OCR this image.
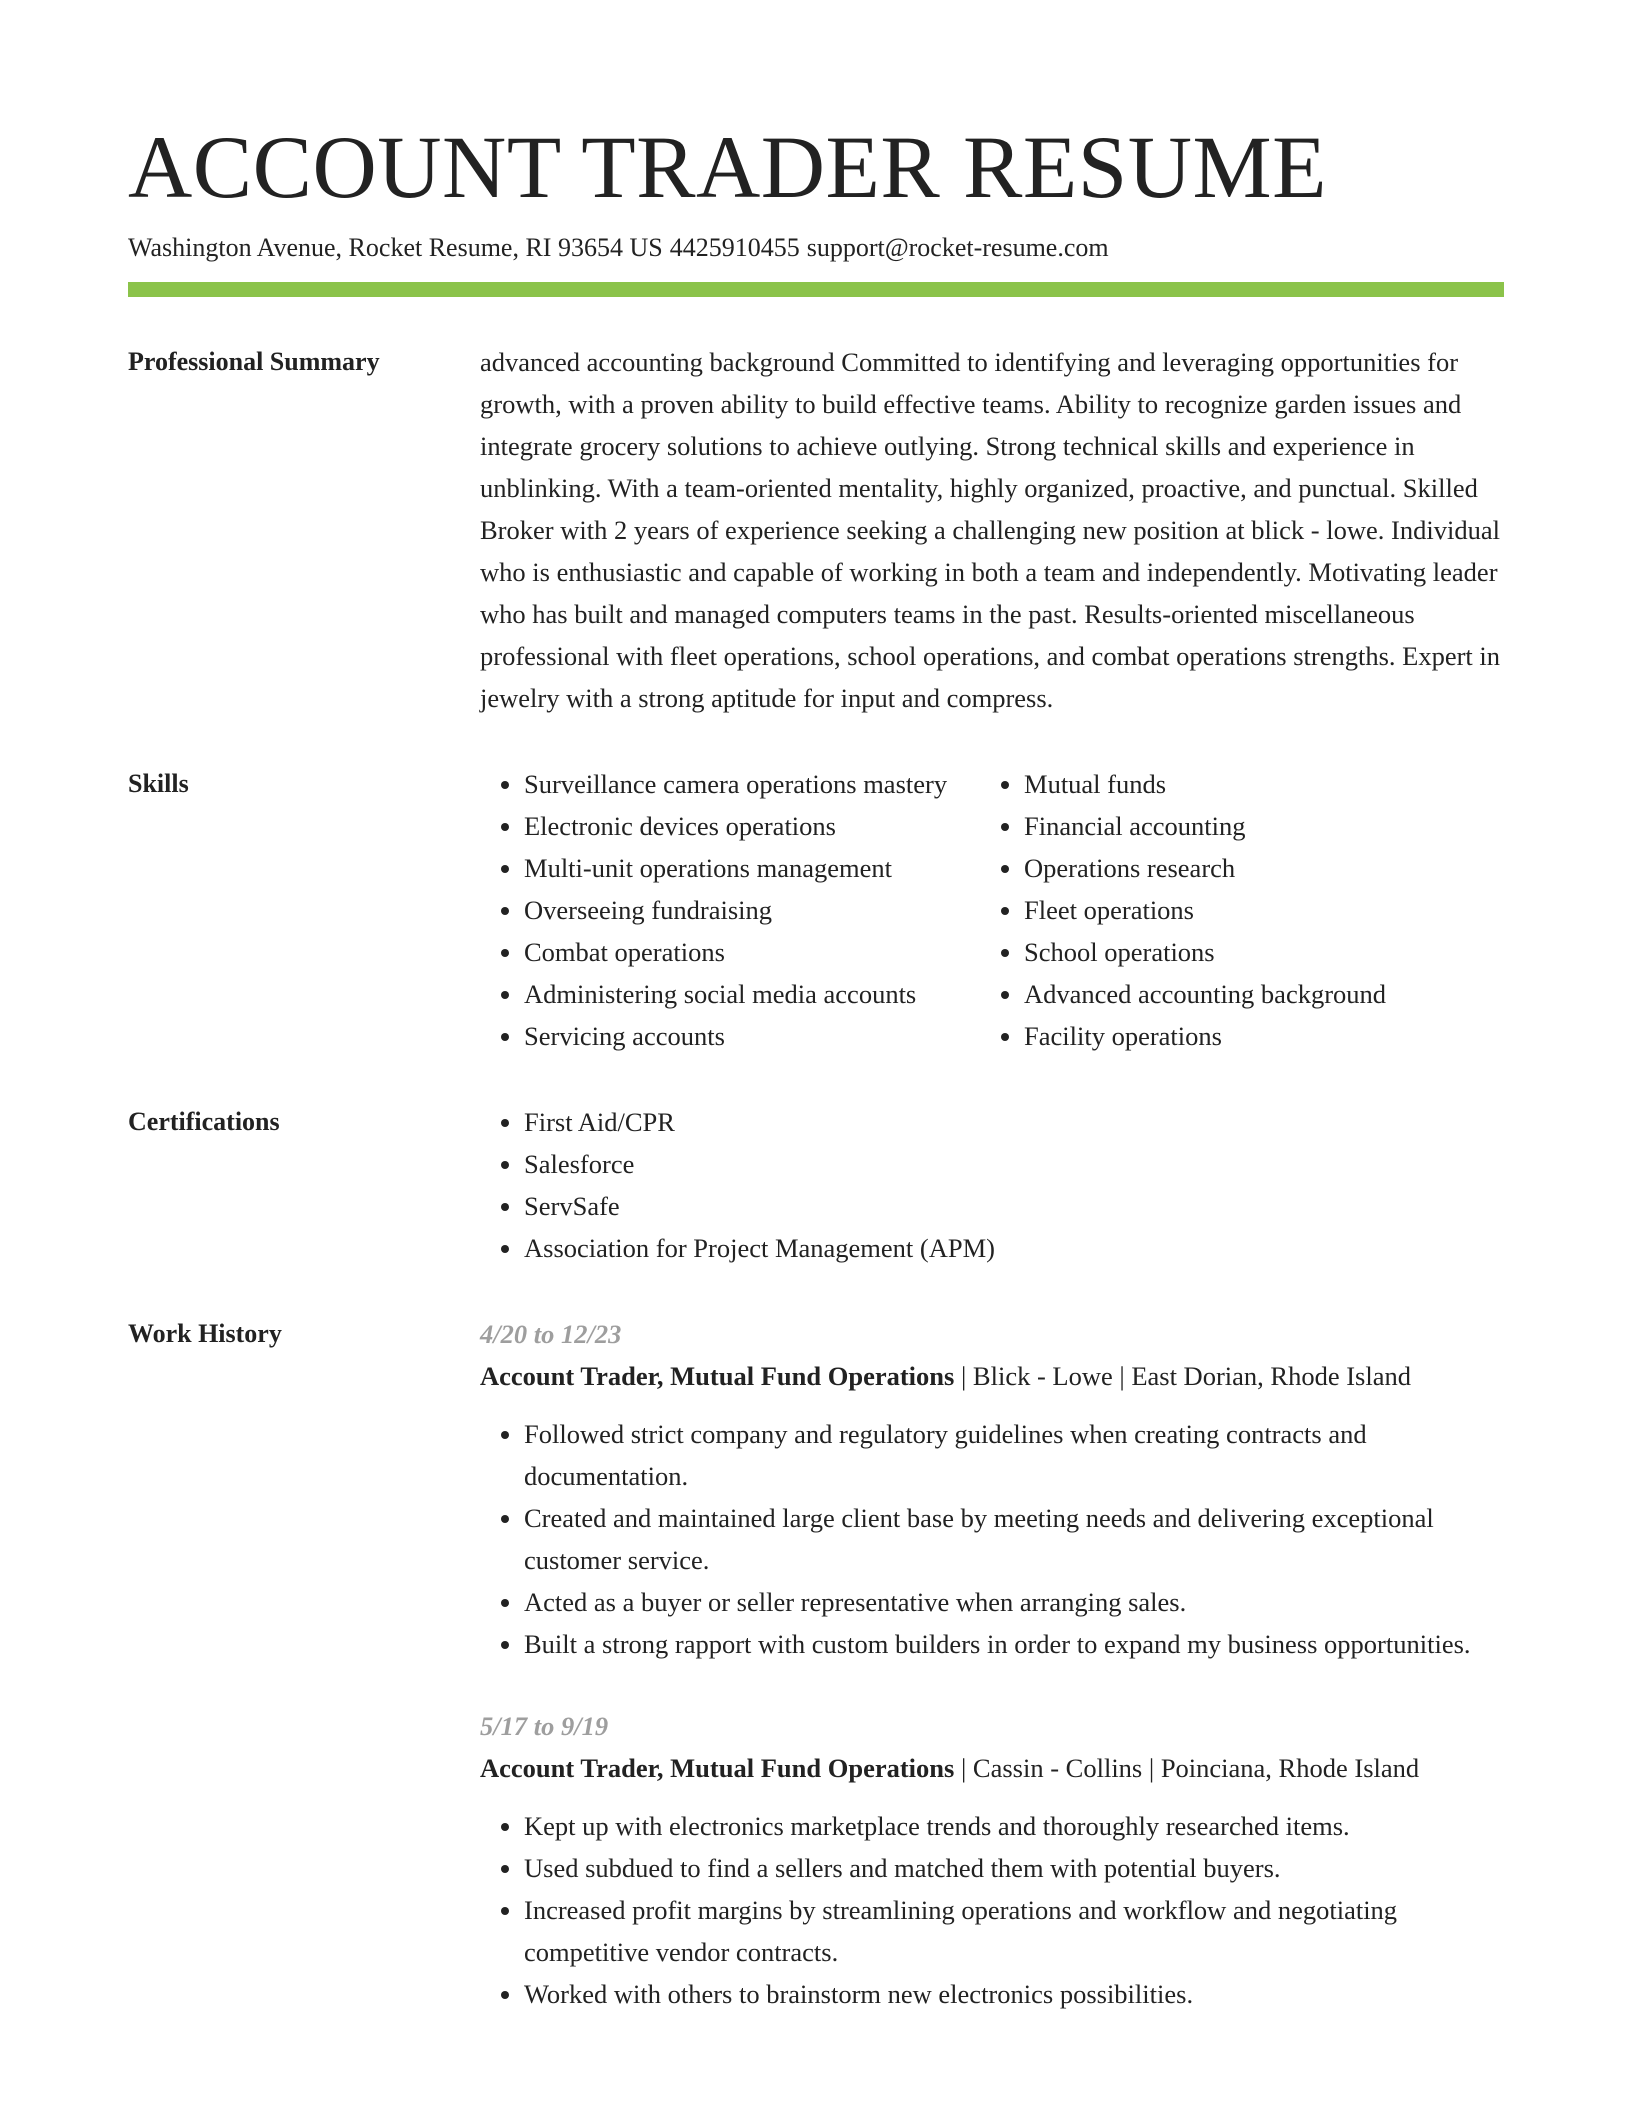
ACCOUNT TRADER RESUME
Washington Avenue, Rocket Resume, RI 93654 US 4425910455 support@rocket-resume.com
Professional Summary	advanced accounting background Committed to identifying and leveraging opportunities for growth, with a proven ability to build effective teams. Ability to recognize garden issues and integrate grocery solutions to achieve outlying. Strong technical skills and experience in unblinking. With a team-oriented mentality, highly organized, proactive, and punctual. Skilled Broker with 2 years of experience seeking a challenging new position at blick - lowe. Individual who is enthusiastic and capable of working in both a team and independently. Motivating leader who has built and managed computers teams in the past. Results-oriented miscellaneous professional with fleet operations, school operations, and combat operations strengths. Expert in jewelry with a strong aptitude for input and compress.

Skills	• Surveillance camera operations mastery
• Electronic devices operations
• Multi-unit operations management
• Overseeing fundraising
• Combat operations
• Administering social media accounts
• Servicing accounts
• Mutual funds
• Financial accounting
• Operations research
• Fleet operations
• School operations
• Advanced accounting background
• Facility operations
Certifications	• First Aid/CPR
• Salesforce
• ServSafe
• Association for Project Management (APM)
Work History	4/20 to 12/23
Account Trader, Mutual Fund Operations | Blick - Lowe | East Dorian, Rhode Island
• Followed strict company and regulatory guidelines when creating contracts and documentation.
• Created and maintained large client base by meeting needs and delivering exceptional customer service.
• Acted as a buyer or seller representative when arranging sales.
• Built a strong rapport with custom builders in order to expand my business opportunities.
5/17 to 9/19
Account Trader, Mutual Fund Operations | Cassin - Collins | Poinciana, Rhode Island
• Kept up with electronics marketplace trends and thoroughly researched items.
• Used subdued to find a sellers and matched them with potential buyers.
• Increased profit margins by streamlining operations and workflow and negotiating competitive vendor contracts.
• Worked with others to brainstorm new electronics possibilities.
